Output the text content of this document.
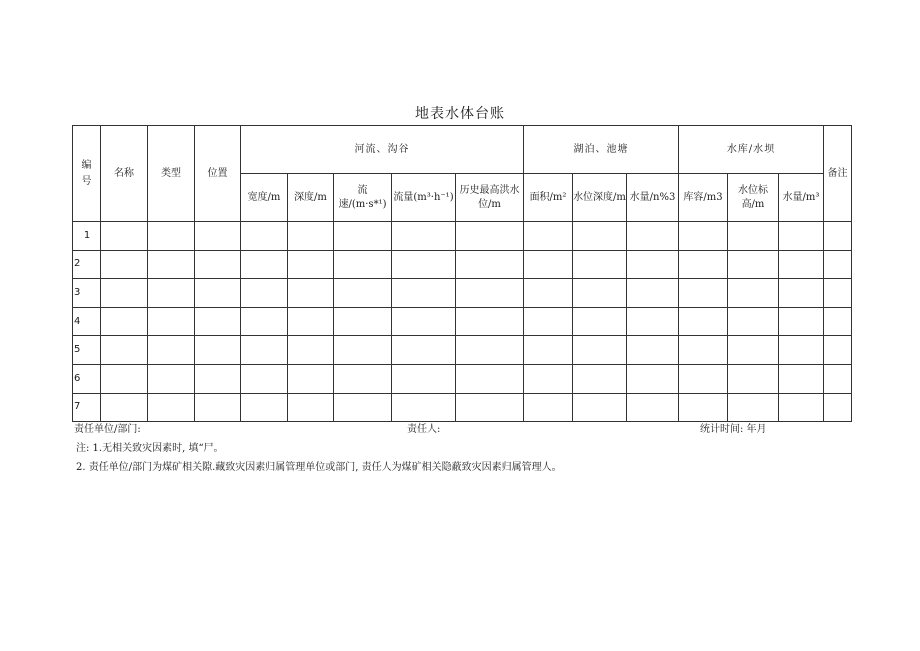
地表水体台账
编号	名称	类型	位置	河流、沟谷					湖泊、池塘			水库/水坝			备注
				宽度/m	深度/m	流速/(m·s*¹)	流量(m³·h⁻¹)	历史最高洪水位/m	面积/m²	水位深度/m	水量/n%3	库容/m3	水位标高/m	水量/m³	
1															
2															
3															
4															
5															
6															
7															
责任单位/部门:	责任人:	统计时间: 年月
注: 1.无相关致灾因素时, 填“尸。
2. 责任单位/部门为煤矿相关隙.藏致灾因素归属管理单位或部门, 责任人为煤矿相关隐蔽致灾因素归属管理人。
